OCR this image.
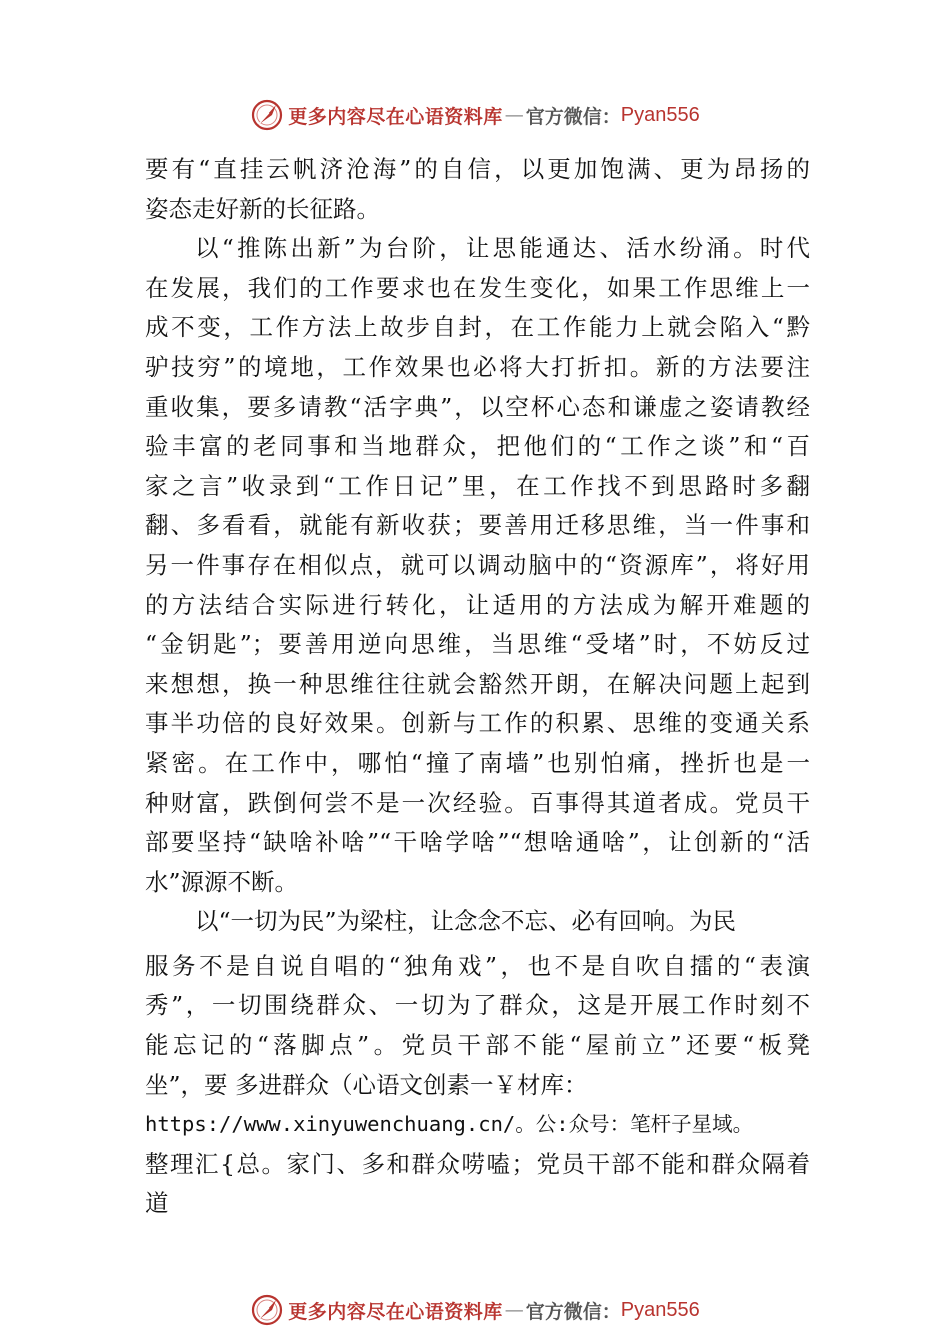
更多内容尽在心语资料库 — 官方微信： Pyan556
要有“直挂云帆济沧海”的自信，以更加饱满、更为昂扬的
姿态走好新的长征路。
以“推陈出新”为台阶，让思能通达、活水纷涌。时代
在发展，我们的工作要求也在发生变化，如果工作思维上一
成不变，工作方法上故步自封，在工作能力上就会陷入“黔
驴技穷”的境地，工作效果也必将大打折扣。新的方法要注
重收集，要多请教“活字典”，以空杯心态和谦虚之姿请教经
验丰富的老同事和当地群众，把他们的“工作之谈”和“百
家之言”收录到“工作日记”里，在工作找不到思路时多翻
翻、多看看，就能有新收获；要善用迁移思维，当一件事和
另一件事存在相似点，就可以调动脑中的“资源库”，将好用
的方法结合实际进行转化，让适用的方法成为解开难题的
“金钥匙”；要善用逆向思维，当思维“受堵”时，不妨反过
来想想，换一种思维往往就会豁然开朗，在解决问题上起到
事半功倍的良好效果。创新与工作的积累、思维的变通关系
紧密。在工作中，哪怕“撞了南墙”也别怕痛，挫折也是一
种财富，跌倒何尝不是一次经验。百事得其道者成。党员干
部要坚持“缺啥补啥”“干啥学啥”“想啥通啥”，让创新的“活
水”源源不断。
以“一切为民”为梁柱，让念念不忘、必有回响。为民
服务不是自说自唱的“独角戏”，也不是自吹自擂的“表演
秀”，一切围绕群众、一切为了群众，这是开展工作时刻不
能忘记的“落脚点”。党员干部不能“屋前立”还要“板凳
坐”，要 多进群众（心语文创素一￥材库：
https://www.xinyuwenchuang.cn/。公:众号：笔杆子星域。
整理汇{总。家门、多和群众唠嗑；党员干部不能和群众隔着
道
更多内容尽在心语资料库 — 官方微信： Pyan556
